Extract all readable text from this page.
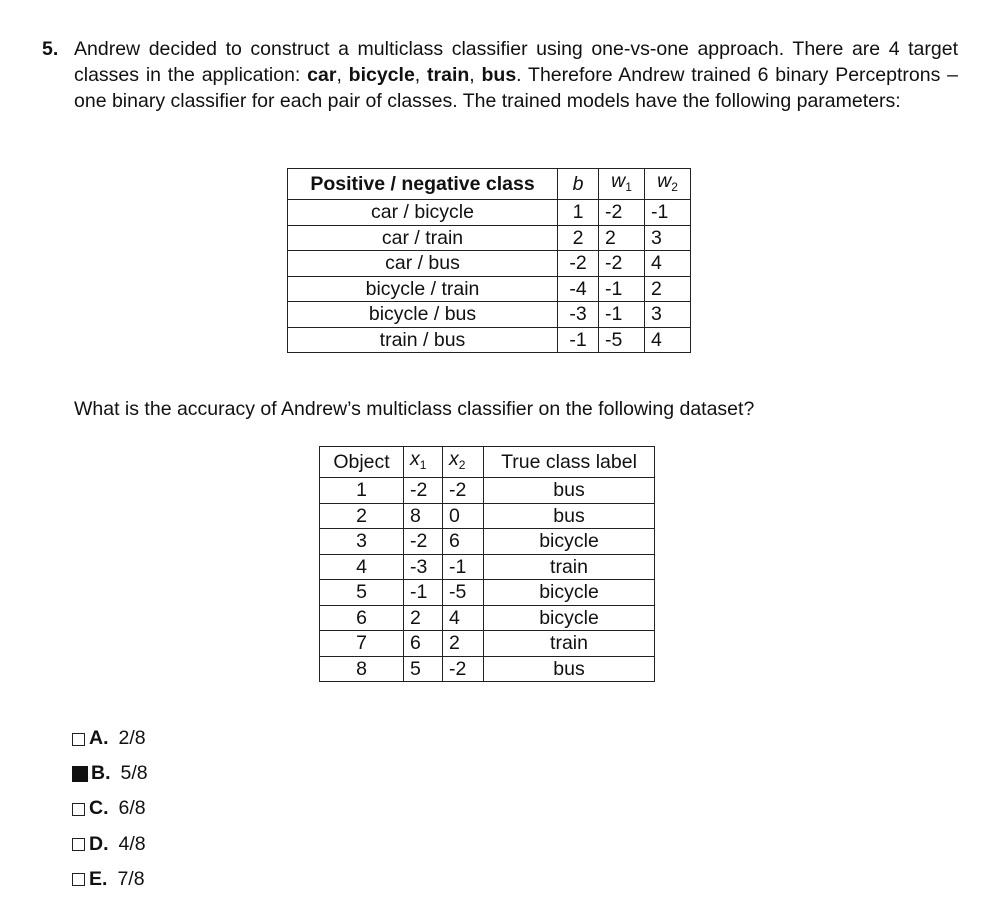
5. Andrew decided to construct a multiclass classifier using one-vs-one approach. There are 4 target classes in the application: car, bicycle, train, bus. Therefore Andrew trained 6 binary Perceptrons – one binary classifier for each pair of classes. The trained models have the following parameters:
Positive / negative class	b	$w_1$	$w_2$
car / bicycle	1	-2	-1
car / train	2	2	3
car / bus	-2	-2	4
bicycle / train	-4	-1	2
bicycle / bus	-3	-1	3
train / bus	-1	-5	4
What is the accuracy of Andrew’s multiclass classifier on the following dataset?
Object	$x_1$	$x_2$	True class label
1	-2	-2	bus
2	8	0	bus
3	-2	6	bicycle
4	-3	-1	train
5	-1	-5	bicycle
6	2	4	bicycle
7	6	2	train
8	5	-2	bus
A. 2/8
B. 5/8
C. 6/8
D. 4/8
E. 7/8
